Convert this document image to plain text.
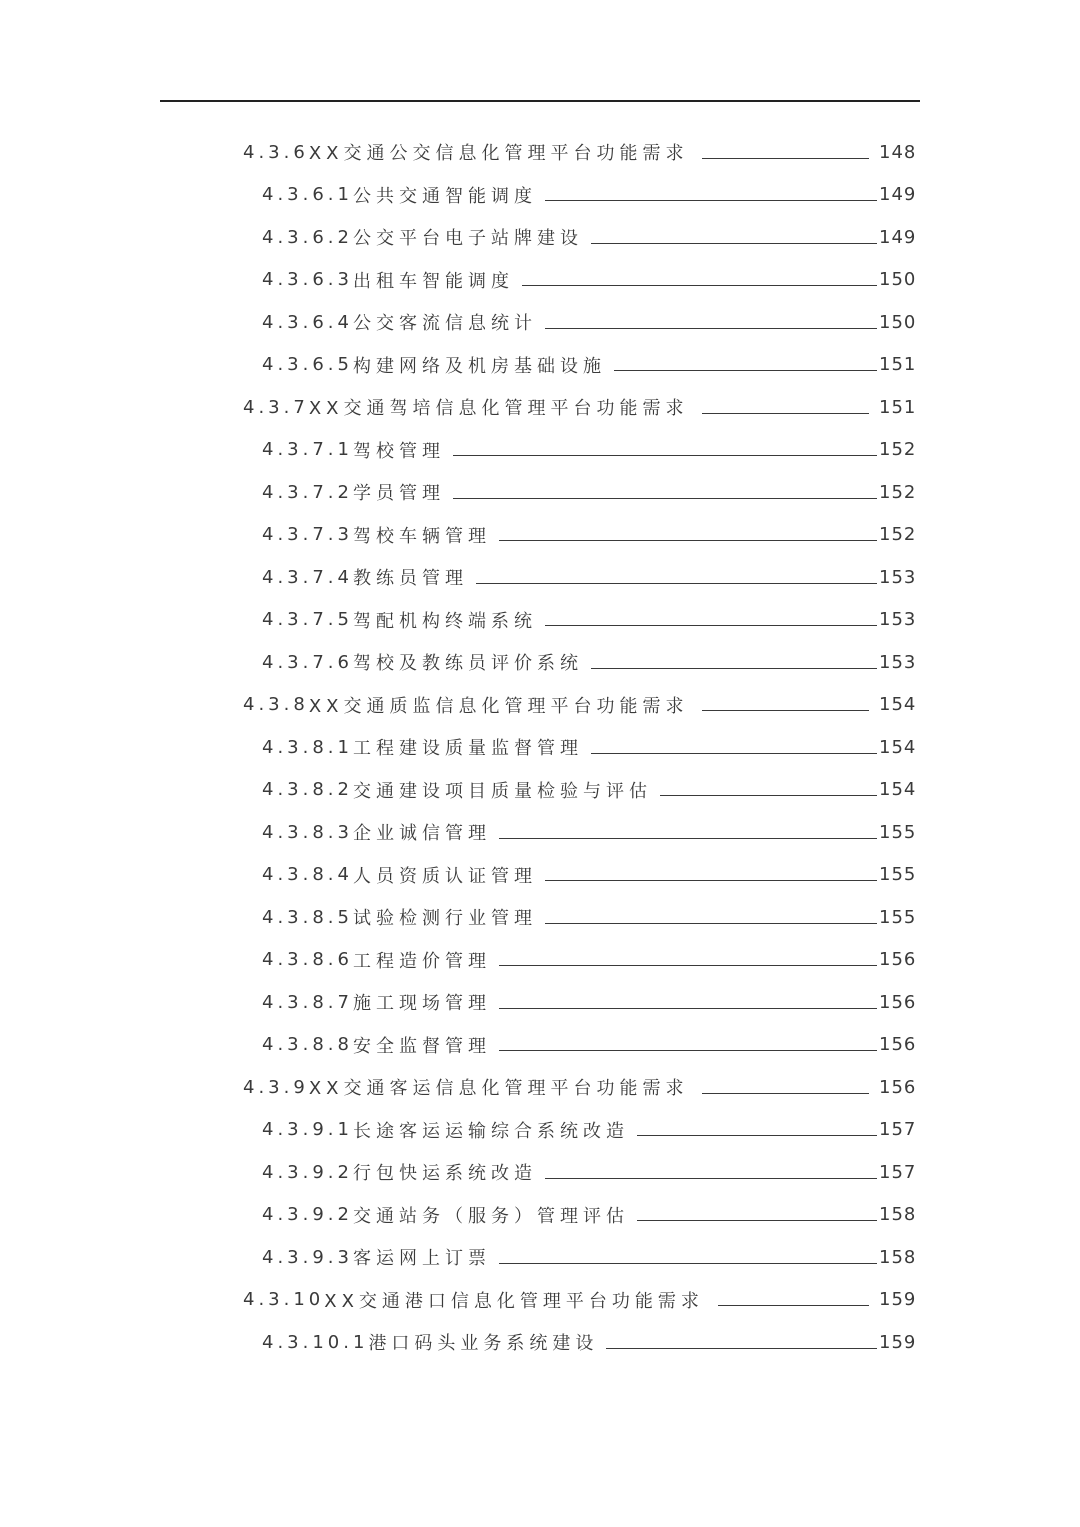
4.3.6 XX交通公交信息化管理平台功能需求	148
4.3.6.1 公共交通智能调度	149
4.3.6.2 公交平台电子站牌建设	149
4.3.6.3 出租车智能调度	150
4.3.6.4 公交客流信息统计	150
4.3.6.5 构建网络及机房基础设施	151
4.3.7 XX交通驾培信息化管理平台功能需求	151
4.3.7.1 驾校管理	152
4.3.7.2 学员管理	152
4.3.7.3 驾校车辆管理	152
4.3.7.4 教练员管理	153
4.3.7.5 驾配机构终端系统	153
4.3.7.6 驾校及教练员评价系统	153
4.3.8 XX交通质监信息化管理平台功能需求	154
4.3.8.1 工程建设质量监督管理	154
4.3.8.2 交通建设项目质量检验与评估	154
4.3.8.3 企业诚信管理	155
4.3.8.4 人员资质认证管理	155
4.3.8.5 试验检测行业管理	155
4.3.8.6 工程造价管理	156
4.3.8.7 施工现场管理	156
4.3.8.8 安全监督管理	156
4.3.9 XX交通客运信息化管理平台功能需求	156
4.3.9.1 长途客运运输综合系统改造	157
4.3.9.2 行包快运系统改造	157
4.3.9.2 交通站务（服务）管理评估	158
4.3.9.3 客运网上订票	158
4.3.10 XX交通港口信息化管理平台功能需求	159
4.3.10.1 港口码头业务系统建设	159
